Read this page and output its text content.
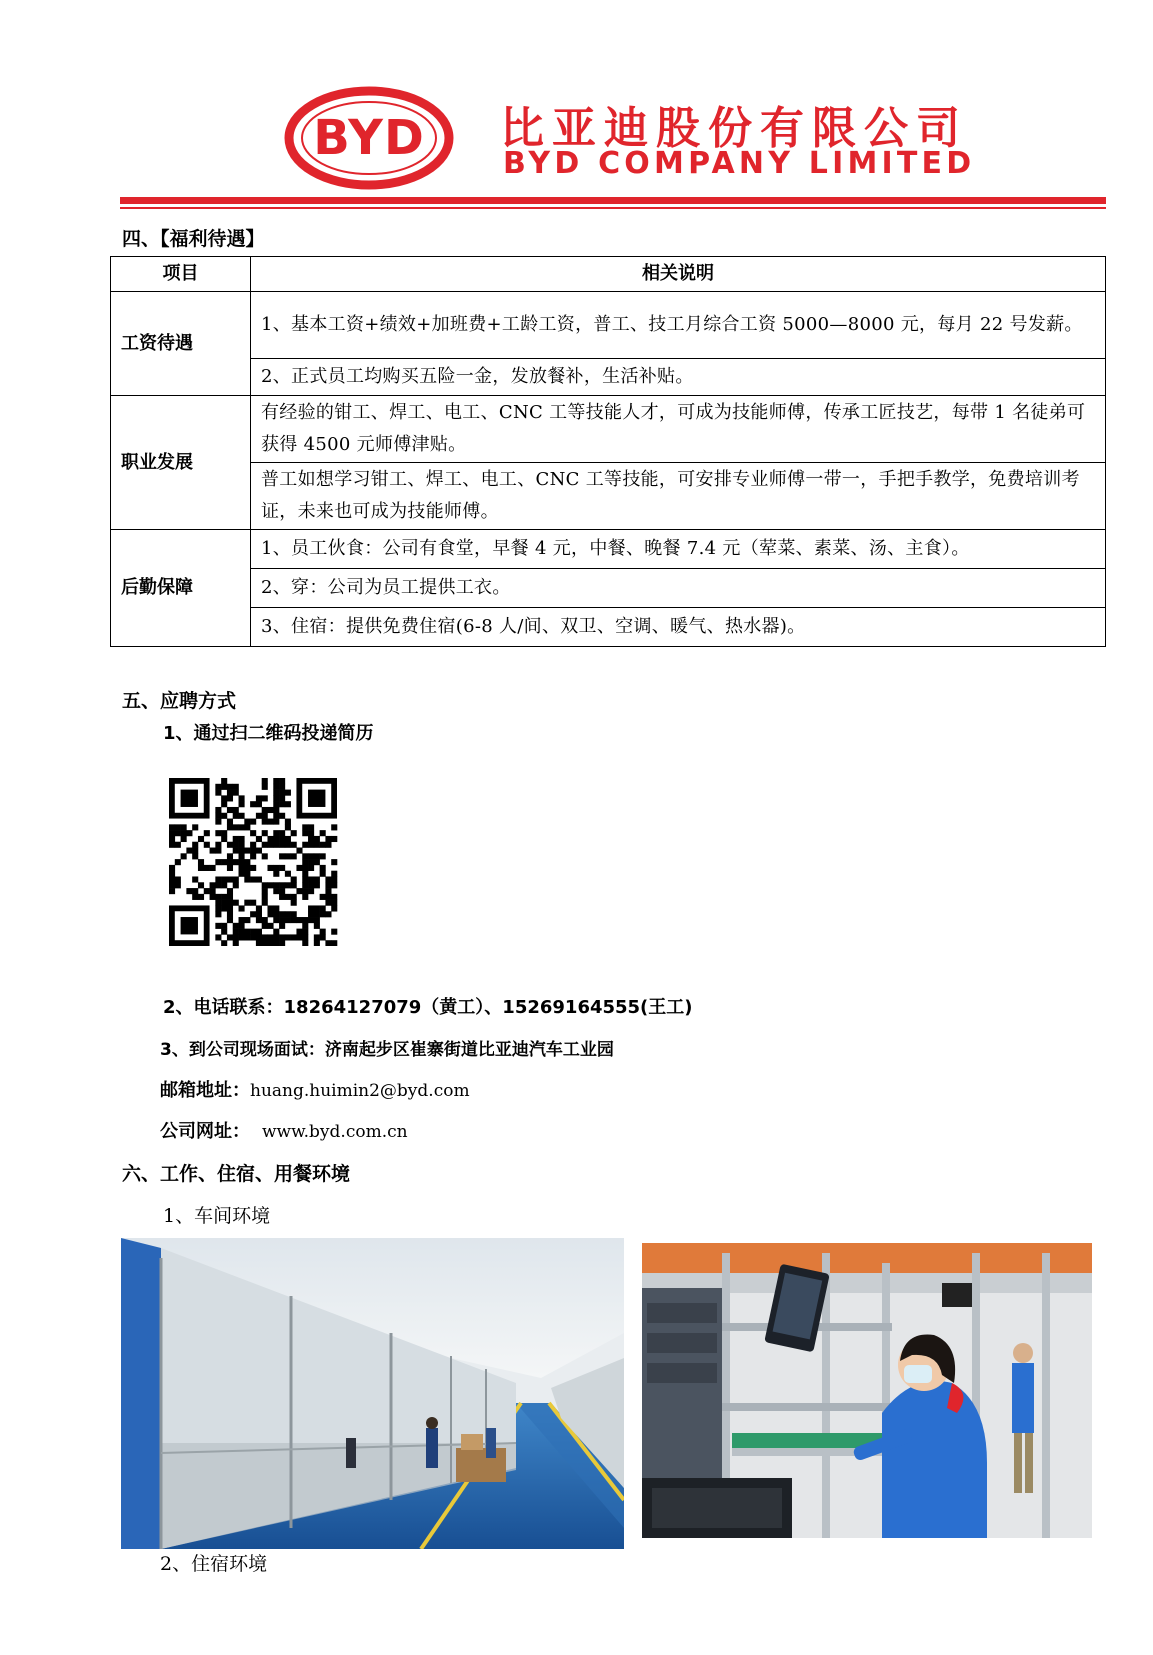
BYD 比亚迪股份有限公司
BYD COMPANY LIMITED
四、【福利待遇】
项目	相关说明
工资待遇	1、基本工资+绩效+加班费+工龄工资，普工、技工月综合工资 5000—8000 元，每月 22 号发薪。
	2、正式员工均购买五险一金，发放餐补，生活补贴。
职业发展	有经验的钳工、焊工、电工、CNC 工等技能人才，可成为技能师傅，传承工匠技艺，每带 1 名徒弟可获得 4500 元师傅津贴。
	普工如想学习钳工、焊工、电工、CNC 工等技能，可安排专业师傅一带一，手把手教学，免费培训考证，未来也可成为技能师傅。
后勤保障	1、员工伙食：公司有食堂，早餐 4 元，中餐、晚餐 7.4 元（荤菜、素菜、汤、主食）。
	2、穿：公司为员工提供工衣。
	3、住宿：提供免费住宿(6-8 人/间、双卫、空调、暖气、热水器)。
五、应聘方式
1、通过扫二维码投递简历
2、电话联系：18264127079（黄工）、15269164555(王工)
3、到公司现场面试：济南起步区崔寨街道比亚迪汽车工业园
邮箱地址：huang.huimin2@byd.com
公司网址： www.byd.com.cn
六、工作、住宿、用餐环境
1、车间环境
2、住宿环境
